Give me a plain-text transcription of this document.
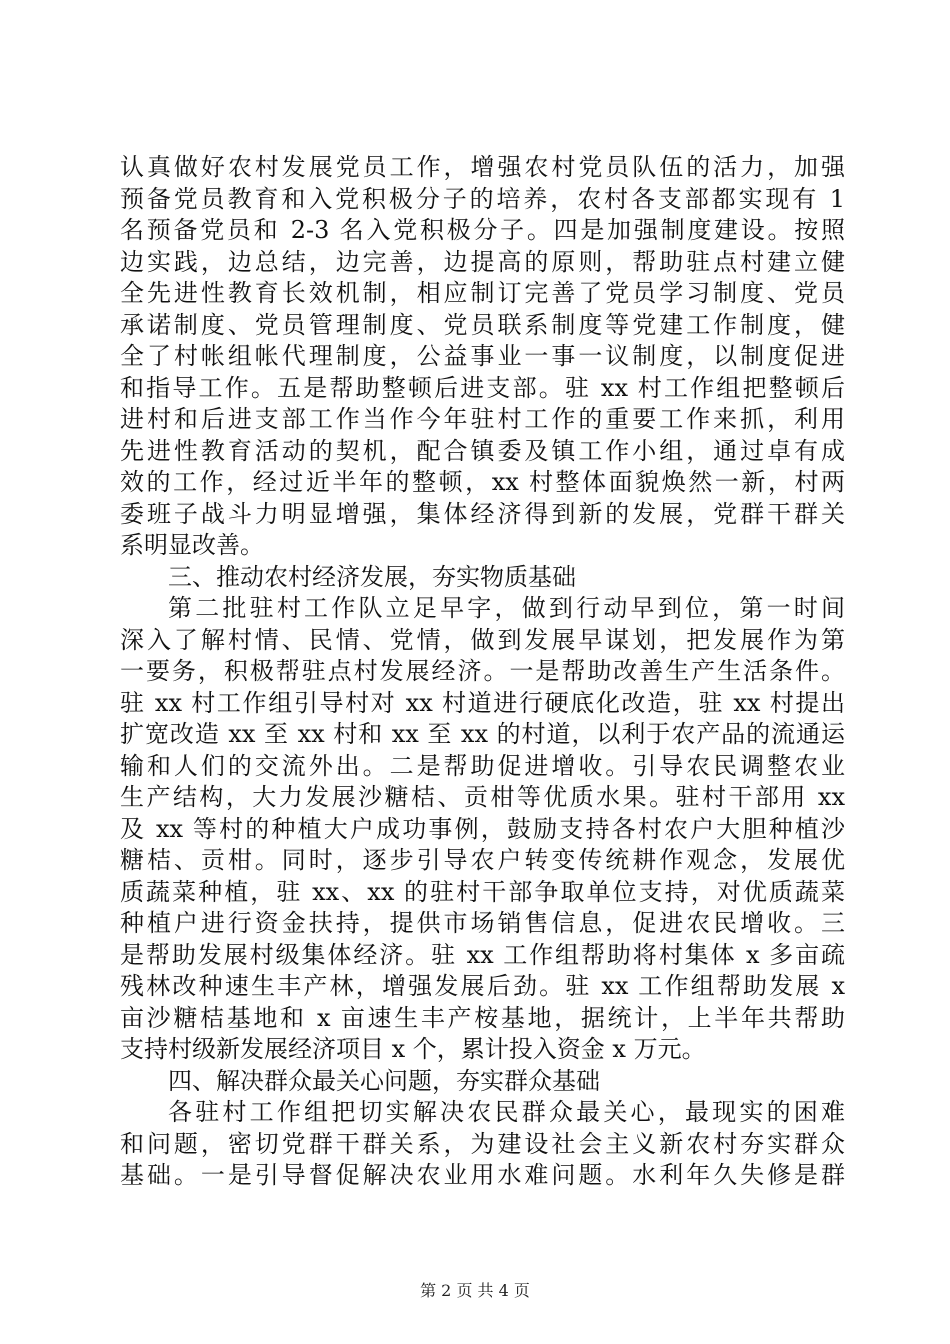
认真做好农村发展党员工作，增强农村党员队伍的活力，加强
预备党员教育和入党积极分子的培养，农村各支部都实现有 1
名预备党员和 2-3 名入党积极分子。四是加强制度建设。按照
边实践，边总结，边完善，边提高的原则，帮助驻点村建立健
全先进性教育长效机制，相应制订完善了党员学习制度、党员
承诺制度、党员管理制度、党员联系制度等党建工作制度，健
全了村帐组帐代理制度，公益事业一事一议制度，以制度促进
和指导工作。五是帮助整顿后进支部。驻 xx 村工作组把整顿后
进村和后进支部工作当作今年驻村工作的重要工作来抓，利用
先进性教育活动的契机，配合镇委及镇工作小组，通过卓有成
效的工作，经过近半年的整顿，xx 村整体面貌焕然一新，村两
委班子战斗力明显增强，集体经济得到新的发展，党群干群关
系明显改善。
三、推动农村经济发展，夯实物质基础
第二批驻村工作队立足早字，做到行动早到位，第一时间
深入了解村情、民情、党情，做到发展早谋划，把发展作为第
一要务，积极帮驻点村发展经济。一是帮助改善生产生活条件。
驻 xx 村工作组引导村对 xx 村道进行硬底化改造，驻 xx 村提出
扩宽改造 xx 至 xx 村和 xx 至 xx 的村道，以利于农产品的流通运
输和人们的交流外出。二是帮助促进增收。引导农民调整农业
生产结构，大力发展沙糖桔、贡柑等优质水果。驻村干部用 xx
及 xx 等村的种植大户成功事例，鼓励支持各村农户大胆种植沙
糖桔、贡柑。同时，逐步引导农户转变传统耕作观念，发展优
质蔬菜种植，驻 xx、xx 的驻村干部争取单位支持，对优质蔬菜
种植户进行资金扶持，提供市场销售信息，促进农民增收。三
是帮助发展村级集体经济。驻 xx 工作组帮助将村集体 x 多亩疏
残林改种速生丰产林，增强发展后劲。驻 xx 工作组帮助发展 x
亩沙糖桔基地和 x 亩速生丰产桉基地，据统计，上半年共帮助
支持村级新发展经济项目 x 个，累计投入资金 x 万元。
四、解决群众最关心问题，夯实群众基础
各驻村工作组把切实解决农民群众最关心，最现实的困难
和问题，密切党群干群关系，为建设社会主义新农村夯实群众
基础。一是引导督促解决农业用水难问题。水利年久失修是群
第 2 页 共 4 页
